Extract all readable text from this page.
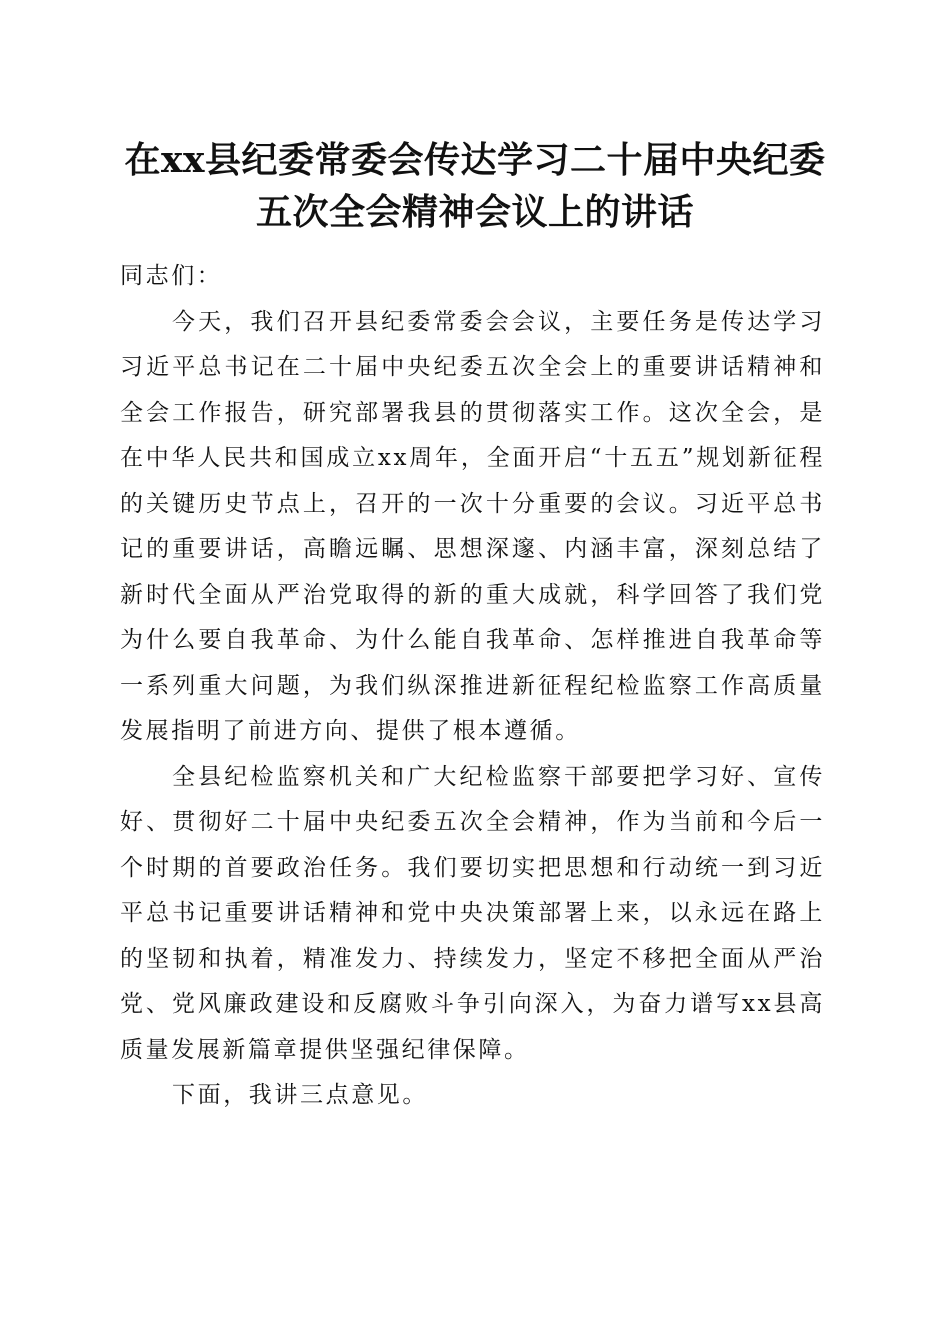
在xx县纪委常委会传达学习二十届中央纪委
五次全会精神会议上的讲话

同志们：

今天，我们召开县纪委常委会会议，主要任务是传达学习习近平总书记在二十届中央纪委五次全会上的重要讲话精神和全会工作报告，研究部署我县的贯彻落实工作。这次全会，是在中华人民共和国成立xx周年，全面开启“十五五”规划新征程的关键历史节点上，召开的一次十分重要的会议。习近平总书记的重要讲话，高瞻远瞩、思想深邃、内涵丰富，深刻总结了新时代全面从严治党取得的新的重大成就，科学回答了我们党为什么要自我革命、为什么能自我革命、怎样推进自我革命等一系列重大问题，为我们纵深推进新征程纪检监察工作高质量发展指明了前进方向、提供了根本遵循。

全县纪检监察机关和广大纪检监察干部要把学习好、宣传好、贯彻好二十届中央纪委五次全会精神，作为当前和今后一个时期的首要政治任务。我们要切实把思想和行动统一到习近平总书记重要讲话精神和党中央决策部署上来，以永远在路上的坚韧和执着，精准发力、持续发力，坚定不移把全面从严治党、党风廉政建设和反腐败斗争引向深入，为奋力谱写xx县高质量发展新篇章提供坚强纪律保障。

下面，我讲三点意见。
